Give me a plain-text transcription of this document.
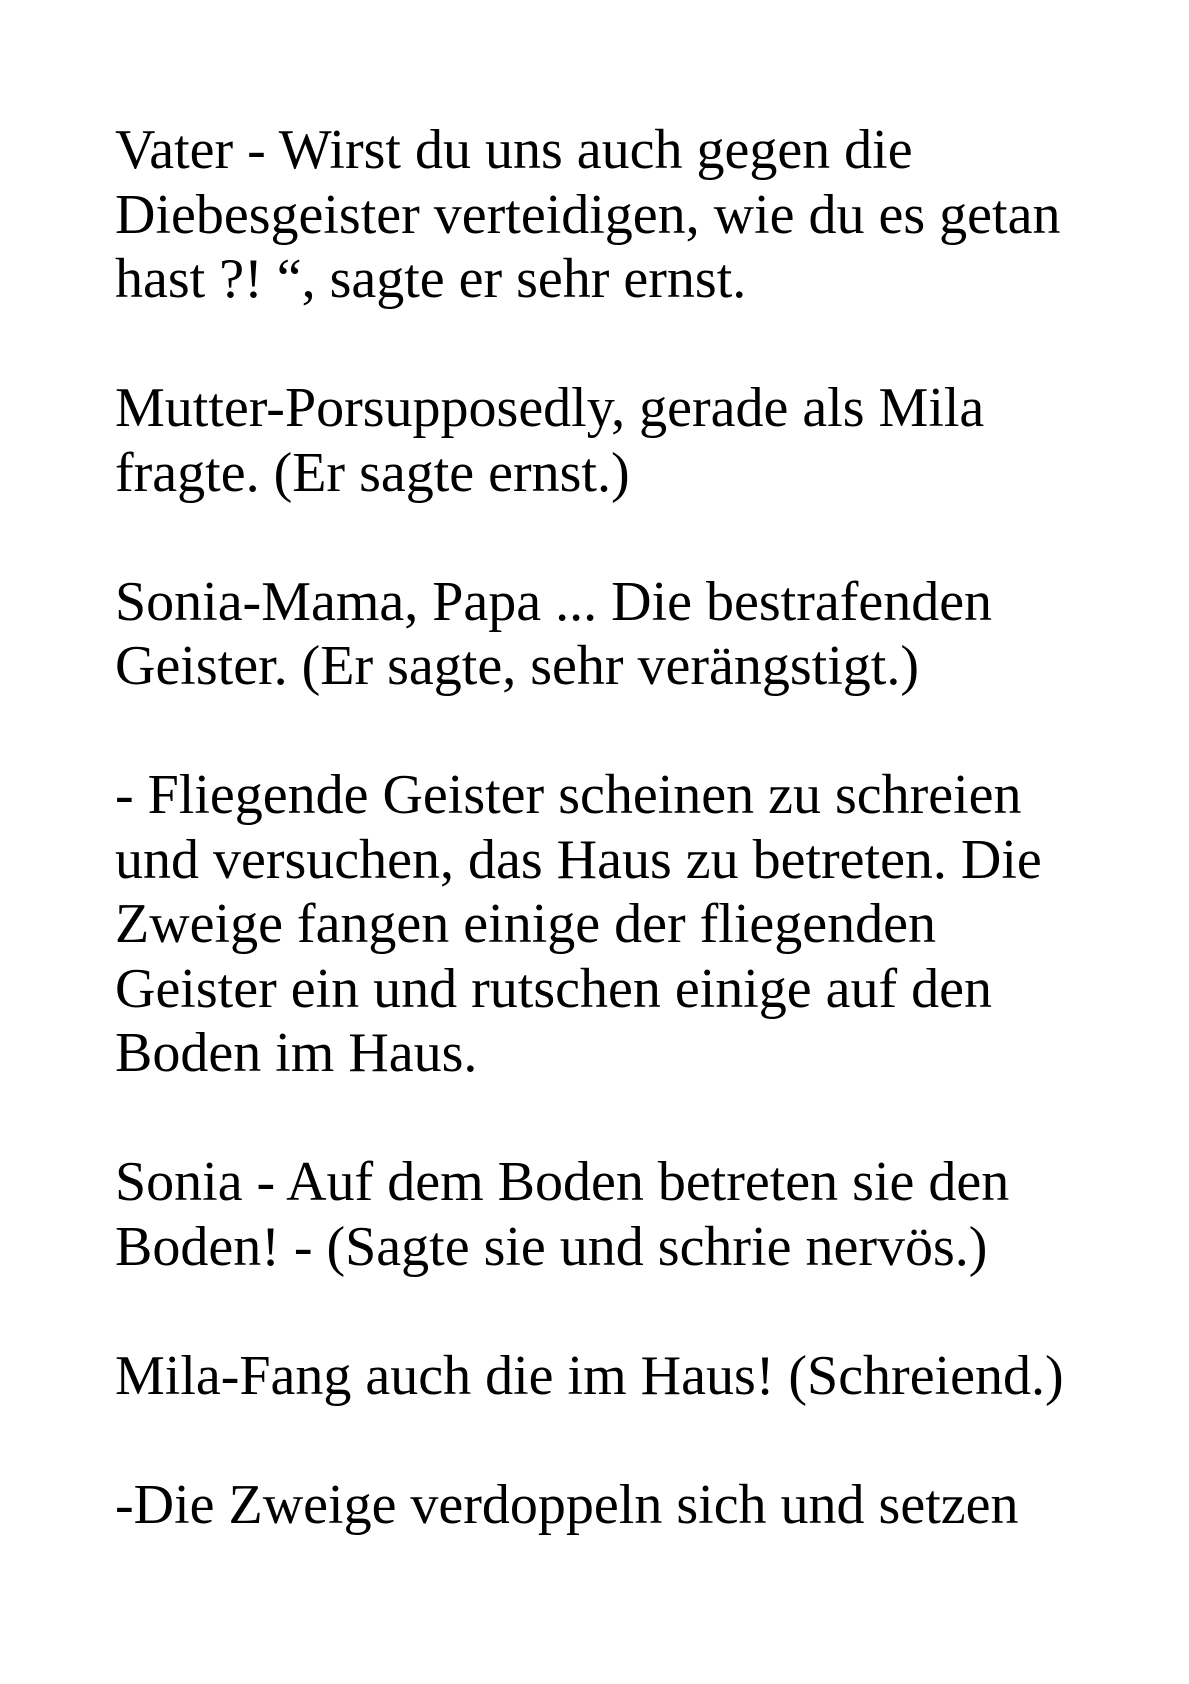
Vater - Wirst du uns auch gegen die
Diebesgeister verteidigen, wie du es getan
hast ?! “, sagte er sehr ernst.

Mutter-Porsupposedly, gerade als Mila
fragte. (Er sagte ernst.)

Sonia-Mama, Papa ... Die bestrafenden
Geister. (Er sagte, sehr verängstigt.)

- Fliegende Geister scheinen zu schreien
und versuchen, das Haus zu betreten. Die
Zweige fangen einige der fliegenden
Geister ein und rutschen einige auf den
Boden im Haus.

Sonia - Auf dem Boden betreten sie den
Boden! - (Sagte sie und schrie nervös.)

Mila-Fang auch die im Haus! (Schreiend.)

-Die Zweige verdoppeln sich und setzen
